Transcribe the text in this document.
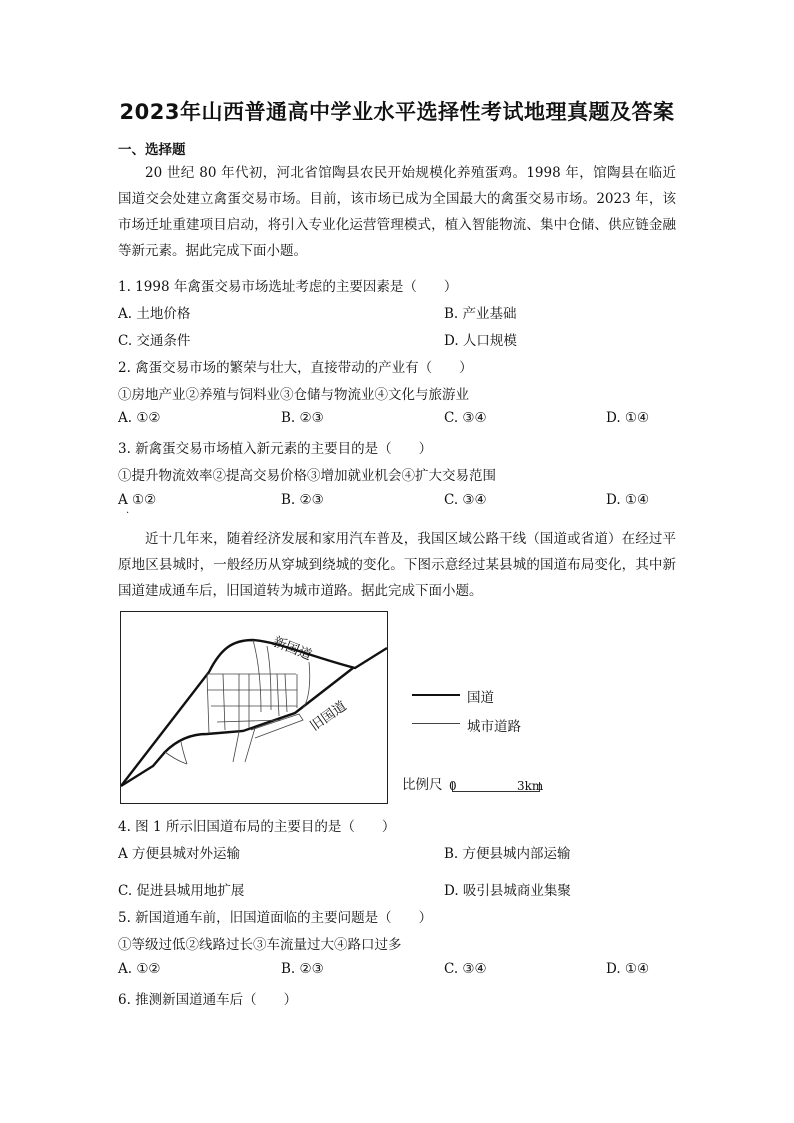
2023年山西普通高中学业水平选择性考试地理真题及答案
一、选择题
20 世纪 80 年代初，河北省馆陶县农民开始规模化养殖蛋鸡。1998 年，馆陶县在临近国道交会处建立禽蛋交易市场。目前，该市场已成为全国最大的禽蛋交易市场。2023 年，该市场迁址重建项目启动，将引入专业化运营管理模式，植入智能物流、集中仓储、供应链金融等新元素。据此完成下面小题。
1. 1998 年禽蛋交易市场选址考虑的主要因素是（　　）
A. 土地价格	B. 产业基础
C. 交通条件	D. 人口规模
2. 禽蛋交易市场的繁荣与壮大，直接带动的产业有（　　）
①房地产业②养殖与饲料业③仓储与物流业④文化与旅游业
A. ①②	B. ②③	C. ③④	D. ①④
3. 新禽蛋交易市场植入新元素的主要目的是（　　）
①提升物流效率②提高交易价格③增加就业机会④扩大交易范围
A ①②
.
B. ②③	C. ③④	D. ①④
近十几年来，随着经济发展和家用汽车普及，我国区域公路干线（国道或省道）在经过平原地区县城时，一般经历从穿城到绕城的变化。下图示意经过某县城的国道布局变化，其中新国道建成通车后，旧国道转为城市道路。据此完成下面小题。
新国道
旧国道
国道
城市道路
比例尺 0	3km
4. 图 1 所示旧国道布局的主要目的是（　　）
A 方便县城对外运输	B. 方便县城内部运输
C. 促进县城用地扩展	D. 吸引县城商业集聚
5. 新国道通车前，旧国道面临的主要问题是（　　）
①等级过低②线路过长③车流量过大④路口过多
A. ①②	B. ②③	C. ③④	D. ①④
6. 推测新国道通车后（　　）
